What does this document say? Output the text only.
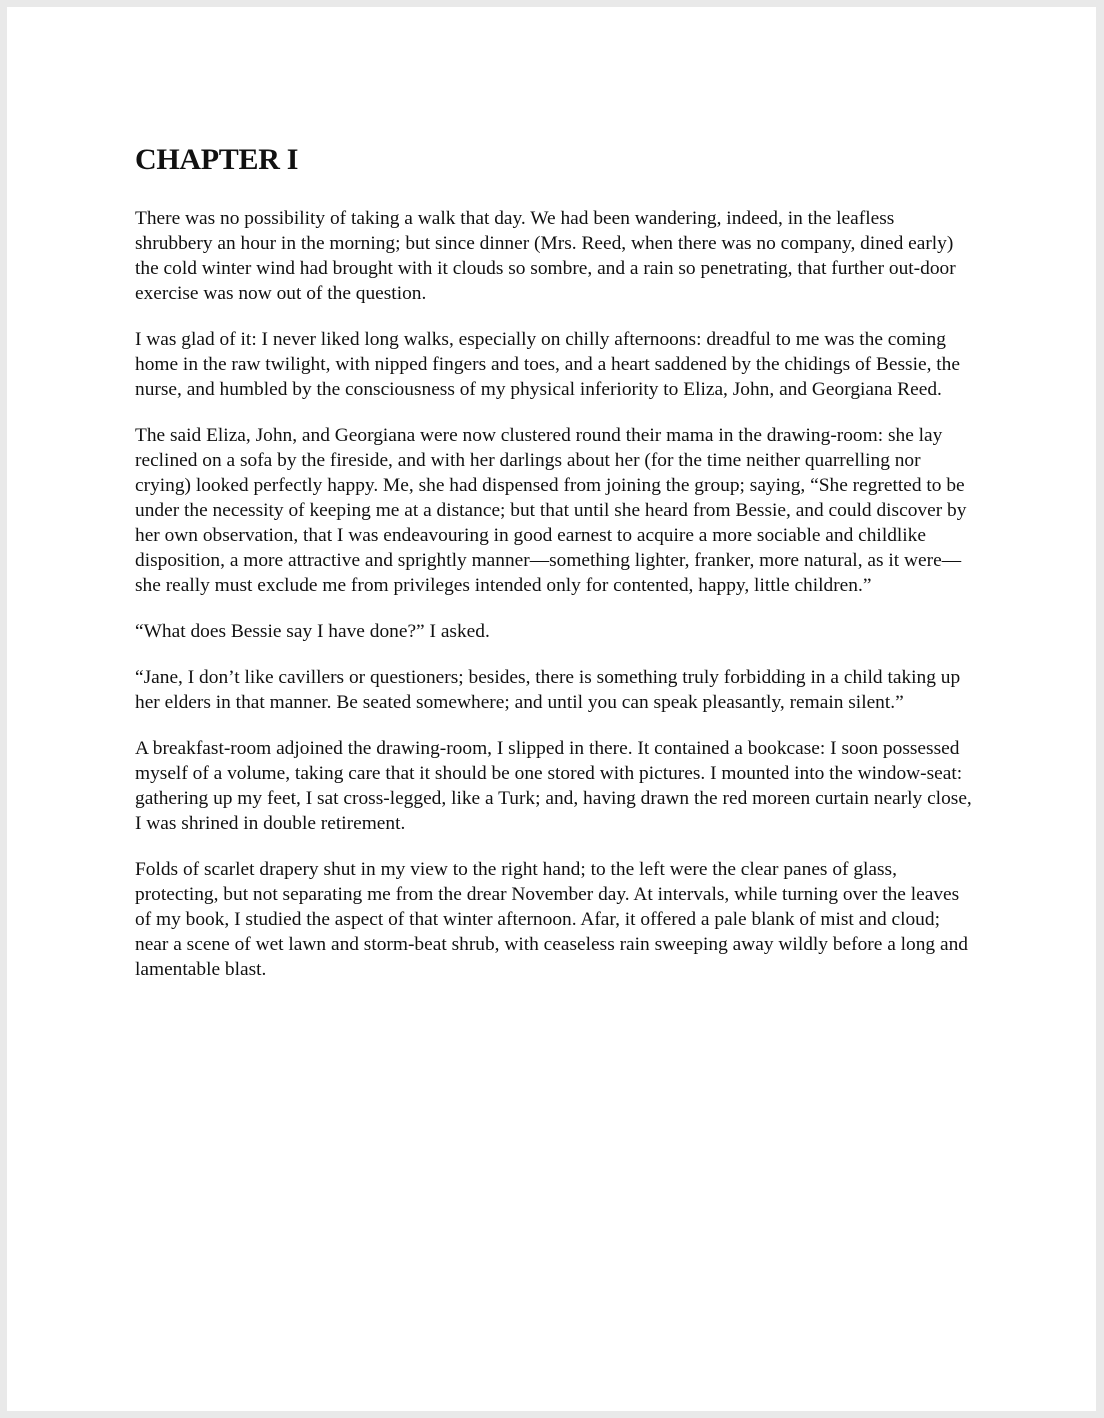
CHAPTER I

There was no possibility of taking a walk that day. We had been wandering, indeed, in the leafless shrubbery an hour in the morning; but since dinner (Mrs. Reed, when there was no company, dined early) the cold winter wind had brought with it clouds so sombre, and a rain so penetrating, that further out-door exercise was now out of the question.

I was glad of it: I never liked long walks, especially on chilly afternoons: dreadful to me was the coming home in the raw twilight, with nipped fingers and toes, and a heart saddened by the chidings of Bessie, the nurse, and humbled by the consciousness of my physical inferiority to Eliza, John, and Georgiana Reed.

The said Eliza, John, and Georgiana were now clustered round their mama in the drawing-room: she lay reclined on a sofa by the fireside, and with her darlings about her (for the time neither quarrelling nor crying) looked perfectly happy. Me, she had dispensed from joining the group; saying, “She regretted to be under the necessity of keeping me at a distance; but that until she heard from Bessie, and could discover by her own observation, that I was endeavouring in good earnest to acquire a more sociable and childlike disposition, a more attractive and sprightly manner—something lighter, franker, more natural, as it were—she really must exclude me from privileges intended only for contented, happy, little children.”

“What does Bessie say I have done?” I asked.

“Jane, I don’t like cavillers or questioners; besides, there is something truly forbidding in a child taking up her elders in that manner. Be seated somewhere; and until you can speak pleasantly, remain silent.”

A breakfast-room adjoined the drawing-room, I slipped in there. It contained a bookcase: I soon possessed myself of a volume, taking care that it should be one stored with pictures. I mounted into the window-seat: gathering up my feet, I sat cross-legged, like a Turk; and, having drawn the red moreen curtain nearly close, I was shrined in double retirement.

Folds of scarlet drapery shut in my view to the right hand; to the left were the clear panes of glass, protecting, but not separating me from the drear November day. At intervals, while turning over the leaves of my book, I studied the aspect of that winter afternoon. Afar, it offered a pale blank of mist and cloud; near a scene of wet lawn and storm-beat shrub, with ceaseless rain sweeping away wildly before a long and lamentable blast.
